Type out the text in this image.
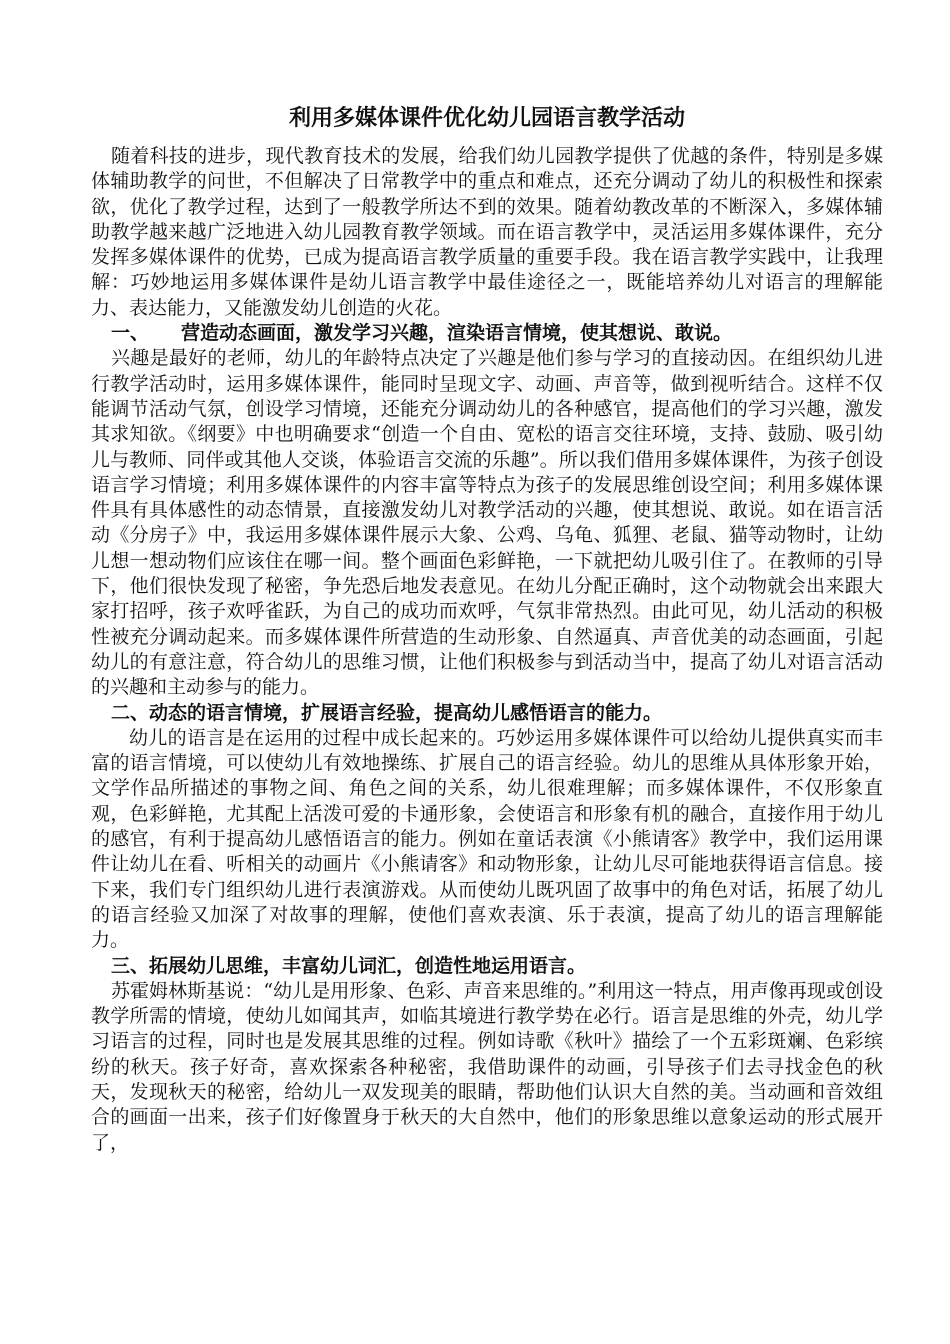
利用多媒体课件优化幼儿园语言教学活动

随着科技的进步，现代教育技术的发展，给我们幼儿园教学提供了优越的条件，特别是多媒体辅助教学的问世，不但解决了日常教学中的重点和难点，还充分调动了幼儿的积极性和探索欲，优化了教学过程，达到了一般教学所达不到的效果。随着幼教改革的不断深入，多媒体辅助教学越来越广泛地进入幼儿园教育教学领域。而在语言教学中，灵活运用多媒体课件，充分发挥多媒体课件的优势，已成为提高语言教学质量的重要手段。我在语言教学实践中，让我理解：巧妙地运用多媒体课件是幼儿语言教学中最佳途径之一，既能培养幼儿对语言的理解能力、表达能力，又能激发幼儿创造的火花。

一、 营造动态画面，激发学习兴趣，渲染语言情境，使其想说、敢说。

兴趣是最好的老师，幼儿的年龄特点决定了兴趣是他们参与学习的直接动因。在组织幼儿进行教学活动时，运用多媒体课件，能同时呈现文字、动画、声音等，做到视听结合。这样不仅能调节活动气氛，创设学习情境，还能充分调动幼儿的各种感官，提高他们的学习兴趣，激发其求知欲。《纲要》中也明确要求“创造一个自由、宽松的语言交往环境，支持、鼓励、吸引幼儿与教师、同伴或其他人交谈，体验语言交流的乐趣”。所以我们借用多媒体课件，为孩子创设语言学习情境；利用多媒体课件的内容丰富等特点为孩子的发展思维创设空间；利用多媒体课件具有具体感性的动态情景，直接激发幼儿对教学活动的兴趣，使其想说、敢说。如在语言活动《分房子》中，我运用多媒体课件展示大象、公鸡、乌龟、狐狸、老鼠、猫等动物时，让幼儿想一想动物们应该住在哪一间。整个画面色彩鲜艳，一下就把幼儿吸引住了。在教师的引导下，他们很快发现了秘密，争先恐后地发表意见。在幼儿分配正确时，这个动物就会出来跟大家打招呼，孩子欢呼雀跃，为自己的成功而欢呼，气氛非常热烈。由此可见，幼儿活动的积极性被充分调动起来。而多媒体课件所营造的生动形象、自然逼真、声音优美的动态画面，引起幼儿的有意注意，符合幼儿的思维习惯，让他们积极参与到活动当中，提高了幼儿对语言活动的兴趣和主动参与的能力。

二、动态的语言情境，扩展语言经验，提高幼儿感悟语言的能力。

幼儿的语言是在运用的过程中成长起来的。巧妙运用多媒体课件可以给幼儿提供真实而丰富的语言情境，可以使幼儿有效地操练、扩展自己的语言经验。幼儿的思维从具体形象开始，文学作品所描述的事物之间、角色之间的关系，幼儿很难理解；而多媒体课件，不仅形象直观，色彩鲜艳，尤其配上活泼可爱的卡通形象，会使语言和形象有机的融合，直接作用于幼儿的感官，有利于提高幼儿感悟语言的能力。例如在童话表演《小熊请客》教学中，我们运用课件让幼儿在看、听相关的动画片《小熊请客》和动物形象，让幼儿尽可能地获得语言信息。接下来，我们专门组织幼儿进行表演游戏。从而使幼儿既巩固了故事中的角色对话，拓展了幼儿的语言经验又加深了对故事的理解，使他们喜欢表演、乐于表演，提高了幼儿的语言理解能力。

三、拓展幼儿思维，丰富幼儿词汇，创造性地运用语言。

苏霍姆林斯基说：“幼儿是用形象、色彩、声音来思维的。”利用这一特点，用声像再现或创设教学所需的情境，使幼儿如闻其声，如临其境进行教学势在必行。语言是思维的外壳，幼儿学习语言的过程，同时也是发展其思维的过程。例如诗歌《秋叶》描绘了一个五彩斑斓、色彩缤纷的秋天。孩子好奇，喜欢探索各种秘密，我借助课件的动画，引导孩子们去寻找金色的秋天，发现秋天的秘密，给幼儿一双发现美的眼睛，帮助他们认识大自然的美。当动画和音效组合的画面一出来，孩子们好像置身于秋天的大自然中，他们的形象思维以意象运动的形式展开了，
